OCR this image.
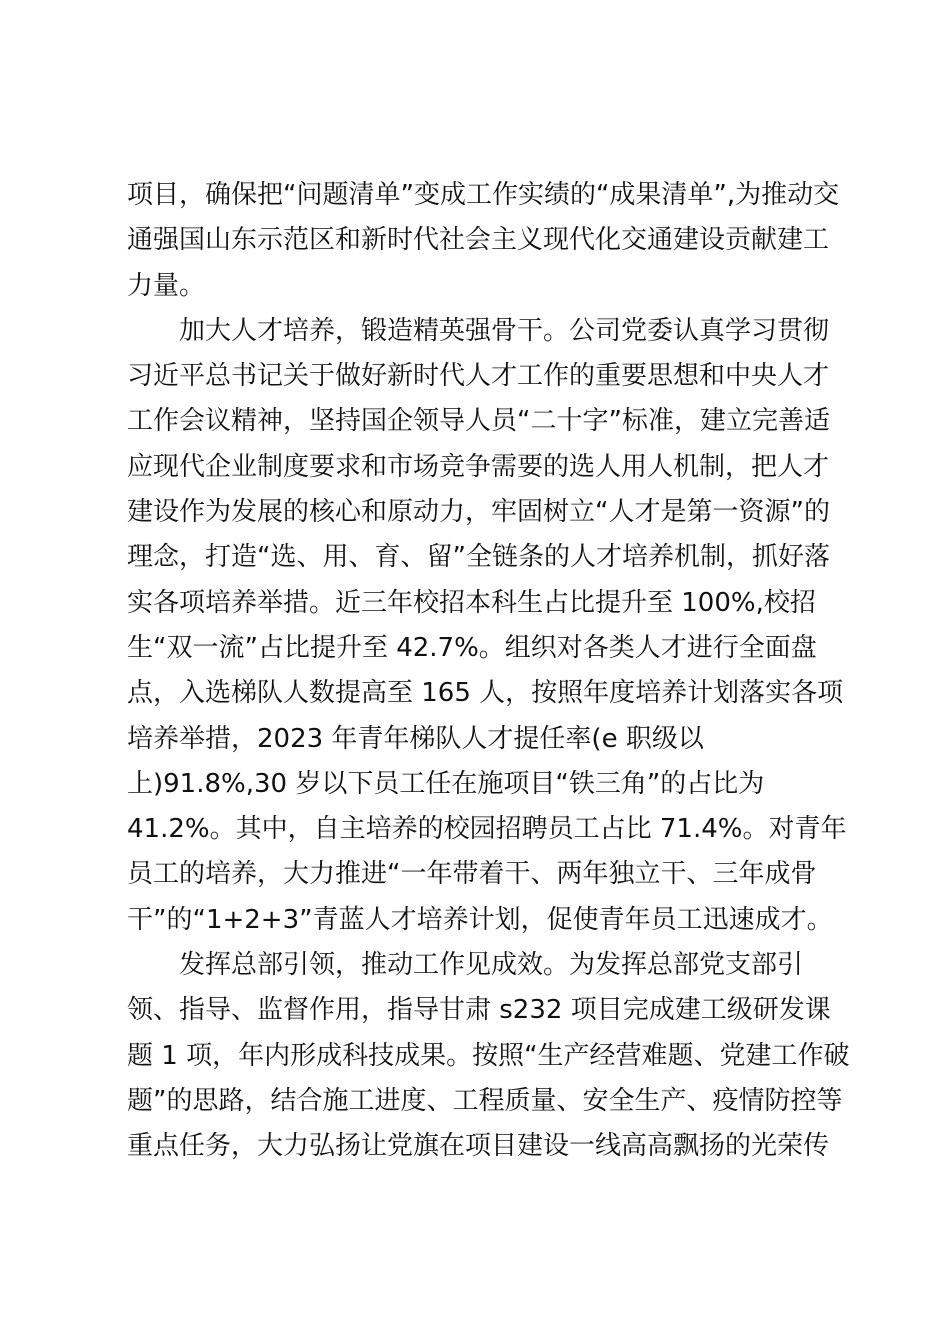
项目，确保把“问题清单”变成工作实绩的“成果清单”,为推动交
通强国山东示范区和新时代社会主义现代化交通建设贡献建工
力量。
加大人才培养，锻造精英强骨干。公司党委认真学习贯彻
习近平总书记关于做好新时代人才工作的重要思想和中央人才
工作会议精神，坚持国企领导人员“二十字”标准，建立完善适
应现代企业制度要求和市场竞争需要的选人用人机制，把人才
建设作为发展的核心和原动力，牢固树立“人才是第一资源”的
理念，打造“选、用、育、留”全链条的人才培养机制，抓好落
实各项培养举措。近三年校招本科生占比提升至 100%,校招
生“双一流”占比提升至 42.7%。组织对各类人才进行全面盘
点，入选梯队人数提高至 165 人，按照年度培养计划落实各项
培养举措，2023 年青年梯队人才提任率(e 职级以
上)91.8%,30 岁以下员工任在施项目“铁三角”的占比为
41.2%。其中，自主培养的校园招聘员工占比 71.4%。对青年
员工的培养，大力推进“一年带着干、两年独立干、三年成骨
干”的“1+2+3”青蓝人才培养计划，促使青年员工迅速成才。
发挥总部引领，推动工作见成效。为发挥总部党支部引
领、指导、监督作用，指导甘肃 s232 项目完成建工级研发课
题 1 项，年内形成科技成果。按照“生产经营难题、党建工作破
题”的思路，结合施工进度、工程质量、安全生产、疫情防控等
重点任务，大力弘扬让党旗在项目建设一线高高飘扬的光荣传
